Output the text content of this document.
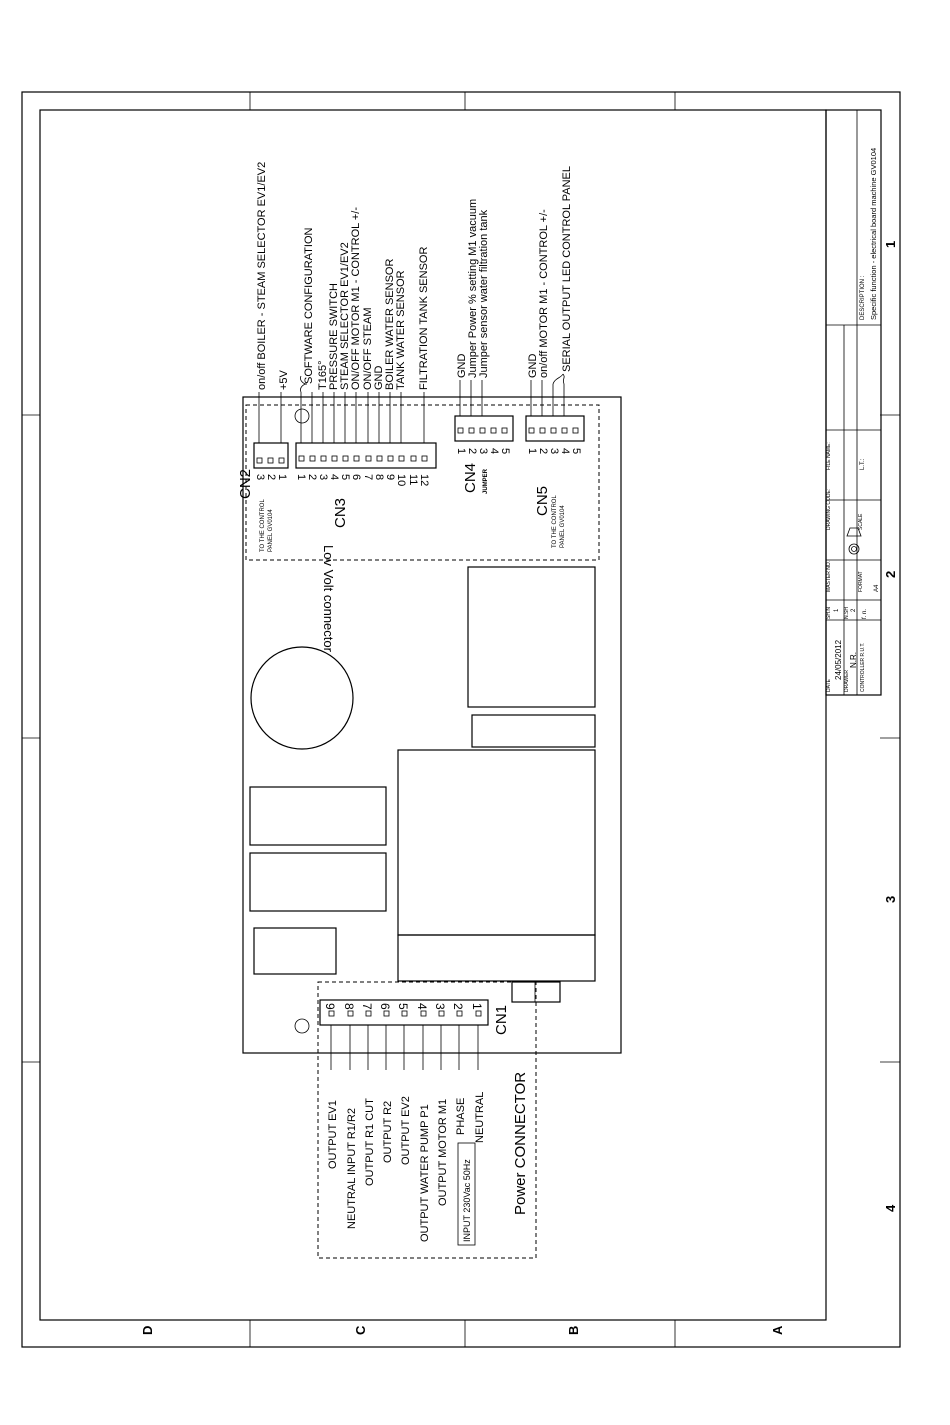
D	C	B	A
1
2
3
4
Lov Volt connector
3 2 1
CN2
TO THE CONTROL PANEL GV0104
on/off BOILER - STEAM SELECTOR EV1/EV2 +5V
1 2 3 4 5 6 7 8 9 10 11 12
CN3
SOFTWARE CONFIGURATION T165° PRESSURE SWITCH STEAM SELECTOR EV1/EV2 ON/OFF MOTOR M1 - CONTROL +/- ON/OFF STEAM GND BOILER WATER SENSOR TANK WATER SENSOR FILTRATION TANK SENSOR
1 2 3 4 5
CN4 JUMPER
GND Jumper Power % setting M1 vacuum Jumper sensor water filtration tank
1 2 3 4 5
CN5 TO THE CONTROL PANEL GV0104
GND on/off MOTOR M1 - CONTROL +/- SERIAL OUTPUT LED CONTROL PANEL
9 8 7 6 5 4 3 2 1 CN1
OUTPUT EV1 NEUTRAL INPUT R1/R2 OUTPUT R1 CUT OUTPUT R2 OUTPUT EV2 OUTPUT WATER PUMP P1 OUTPUT MOTOR M1 PHASE NEUTRAL
INPUT 230Vac 50Hz	Power CONNECTOR
DESCRIPTION : Specific function - electrical board machine GV0104
FILE NAME:	L.T.:
DRAWING CODE:	SCALE
MASTER NO.	FORMAT A4
SH.N 1 N.SH 2 f. n.
DATE
24/05/2012
DRAWER
N.R. CONTROLLER R.U.T.
